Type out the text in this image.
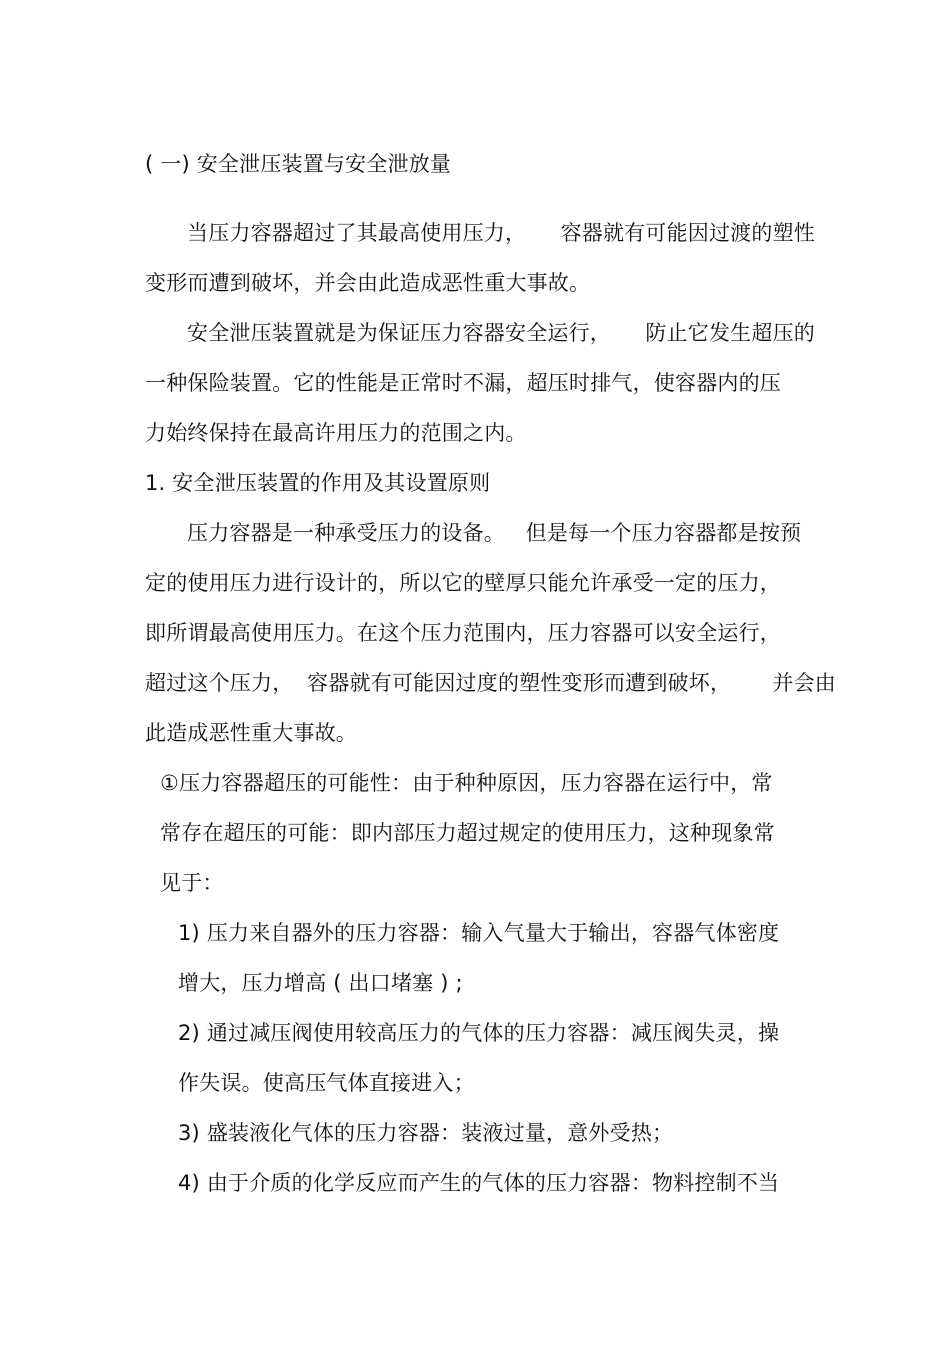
( 一) 安全泄压装置与安全泄放量
当压力容器超过了其最高使用压力，     容器就有可能因过渡的塑性
变形而遭到破坏，并会由此造成恶性重大事故。
安全泄压装置就是为保证压力容器安全运行，     防止它发生超压的
一种保险装置。它的性能是正常时不漏，超压时排气，使容器内的压
力始终保持在最高许用压力的范围之内。
1. 安全泄压装置的作用及其设置原则
压力容器是一种承受压力的设备。   但是每一个压力容器都是按预
定的使用压力进行设计的，所以它的壁厚只能允许承受一定的压力，
即所谓最高使用压力。在这个压力范围内，压力容器可以安全运行，
超过这个压力，  容器就有可能因过度的塑性变形而遭到破坏，      并会由
此造成恶性重大事故。
①压力容器超压的可能性：由于种种原因，压力容器在运行中，常
常存在超压的可能：即内部压力超过规定的使用压力，这种现象常
见于：
1) 压力来自器外的压力容器：输入气量大于输出，容器气体密度
增大，压力增高 ( 出口堵塞 ) ;
2) 通过减压阀使用较高压力的气体的压力容器：减压阀失灵，操
作失误。使高压气体直接进入；
3) 盛装液化气体的压力容器：装液过量，意外受热；
4) 由于介质的化学反应而产生的气体的压力容器：物料控制不当
